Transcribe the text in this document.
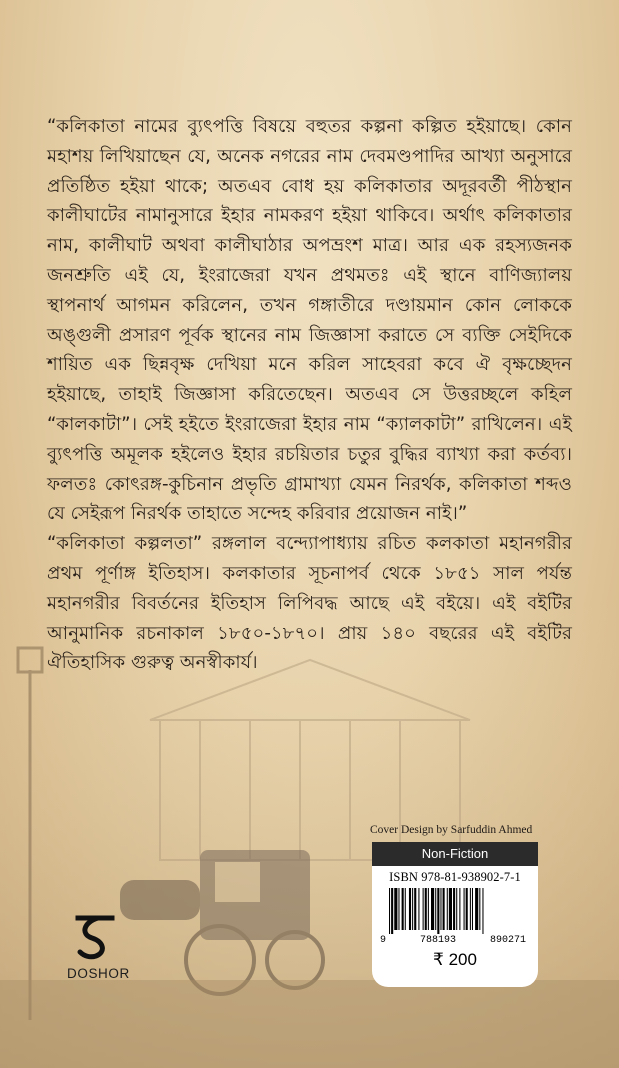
“কলিকাতা নামের ব্যুৎপত্তি বিষয়ে বহুতর কল্পনা কল্পিত হইয়াছে। কোন মহাশয় লিখিয়াছেন যে, অনেক নগরের নাম দেবমণ্ডপাদির আখ্যা অনুসারে প্রতিষ্ঠিত হইয়া থাকে; অতএব বোধ হয় কলিকাতার অদূরবর্তী পীঠস্থান কালীঘাটের নামানুসারে ইহার নামকরণ হইয়া থাকিবে। অর্থাৎ কলিকাতার নাম, কালীঘাট অথবা কালীঘাঠার অপভ্রংশ মাত্র। আর এক রহস্যজনক জনশ্রুতি এই যে, ইংরাজেরা যখন প্রথমতঃ এই স্থানে বাণিজ্যালয় স্থাপনার্থ আগমন করিলেন, তখন গঙ্গাতীরে দণ্ডায়মান কোন লোককে অঙ্গুলী প্রসারণ পূর্বক স্থানের নাম জিজ্ঞাসা করাতে সে ব্যক্তি সেইদিকে শায়িত এক ছিন্নবৃক্ষ দেখিয়া মনে করিল সাহেবরা কবে ঐ বৃক্ষচ্ছেদন হইয়াছে, তাহাই জিজ্ঞাসা করিতেছেন। অতএব সে উত্তরচ্ছলে কহিল “কালকাটা”। সেই হইতে ইংরাজেরা ইহার নাম “ক্যালকাটা” রাখিলেন। এই ব্যুৎপত্তি অমূলক হইলেও ইহার রচয়িতার চতুর বুদ্ধির ব্যাখ্যা করা কর্তব্য। ফলতঃ কোৎরঙ্গ-কুচিনান প্রভৃতি গ্রামাখ্যা যেমন নিরর্থক, কলিকাতা শব্দও যে সেইরূপ নিরর্থক তাহাতে সন্দেহ করিবার প্রয়োজন নাই।”

“কলিকাতা কল্পলতা” রঙ্গলাল বন্দ্যোপাধ্যায় রচিত কলকাতা মহানগরীর প্রথম পূর্ণাঙ্গ ইতিহাস। কলকাতার সূচনাপর্ব থেকে ১৮৫১ সাল পর্যন্ত মহানগরীর বিবর্তনের ইতিহাস লিপিবদ্ধ আছে এই বইয়ে। এই বইটির আনুমানিক রচনাকাল ১৮৫০-১৮৭০। প্রায় ১৪০ বছরের এই বইটির ঐতিহাসিক গুরুত্ব অনস্বীকার্য।

Cover Design by Sarfuddin Ahmed
Non-Fiction
ISBN 978-81-938902-7-1
9	788193	890271
₹ 200
DOSHOR
